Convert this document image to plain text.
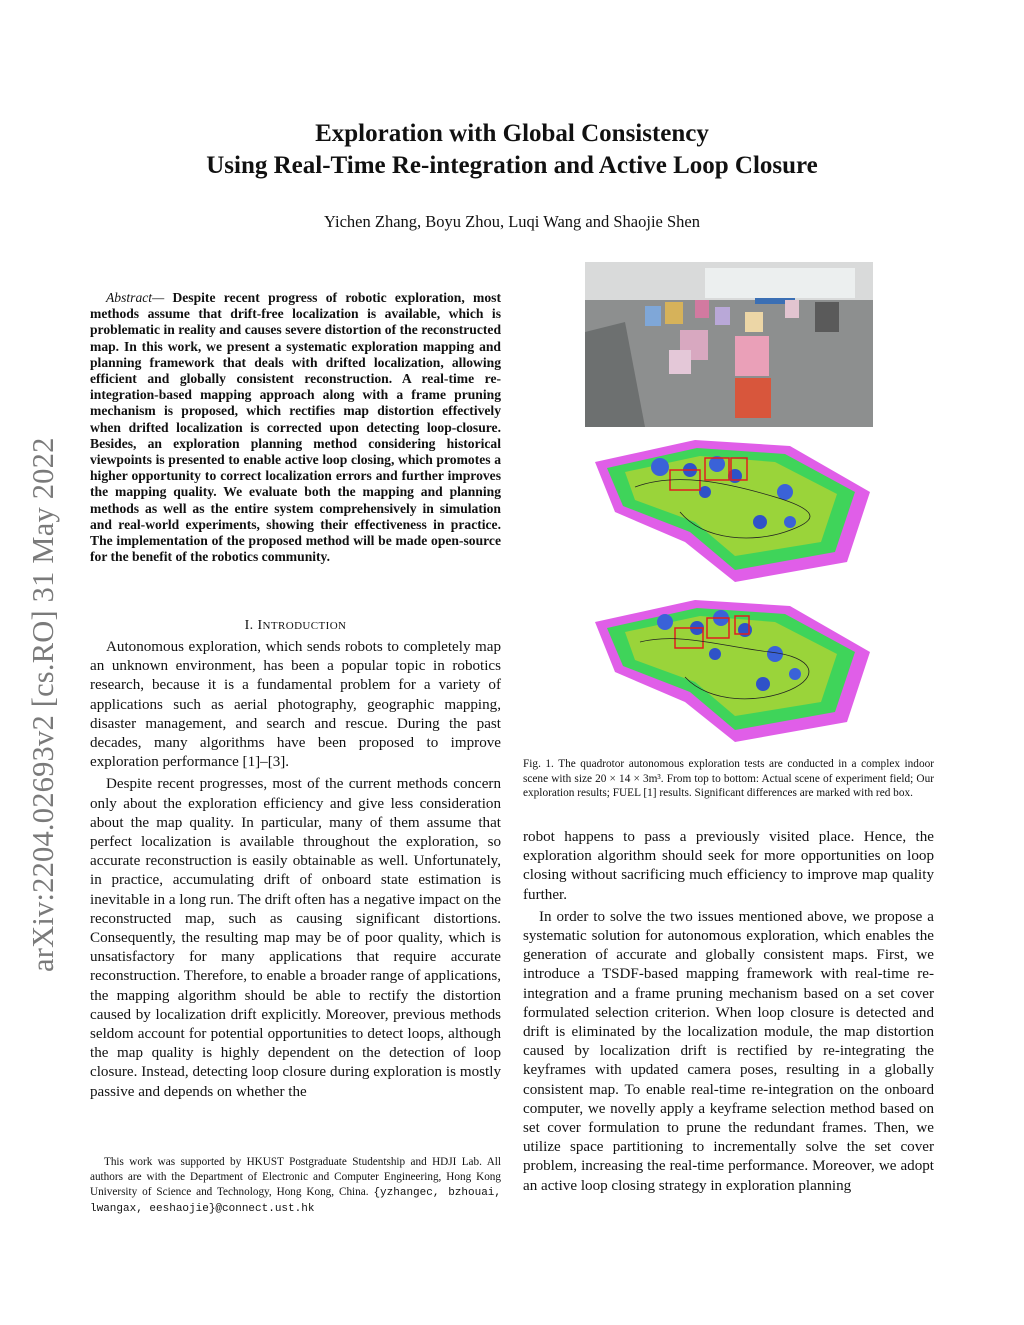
arXiv:2204.02693v2 [cs.RO] 31 May 2022
Exploration with Global Consistency
Using Real-Time Re-integration and Active Loop Closure
Yichen Zhang, Boyu Zhou, Luqi Wang and Shaojie Shen
Abstract— Despite recent progress of robotic exploration, most methods assume that drift-free localization is available, which is problematic in reality and causes severe distortion of the reconstructed map. In this work, we present a systematic exploration mapping and planning framework that deals with drifted localization, allowing efficient and globally consistent reconstruction. A real-time re-integration-based mapping approach along with a frame pruning mechanism is proposed, which rectifies map distortion effectively when drifted localization is corrected upon detecting loop-closure. Besides, an exploration planning method considering historical viewpoints is presented to enable active loop closing, which promotes a higher opportunity to correct localization errors and further improves the mapping quality. We evaluate both the mapping and planning methods as well as the entire system comprehensively in simulation and real-world experiments, showing their effectiveness in practice. The implementation of the proposed method will be made open-source for the benefit of the robotics community.
I. INTRODUCTION

Autonomous exploration, which sends robots to completely map an unknown environment, has been a popular topic in robotics research, because it is a fundamental problem for a variety of applications such as aerial photography, geographic mapping, disaster management, and search and rescue. During the past decades, many algorithms have been proposed to improve exploration performance [1]–[3].

Despite recent progresses, most of the current methods concern only about the exploration efficiency and give less consideration about the map quality. In particular, many of them assume that perfect localization is available throughout the exploration, so accurate reconstruction is easily obtainable as well. Unfortunately, in practice, accumulating drift of onboard state estimation is inevitable in a long run. The drift often has a negative impact on the reconstructed map, such as causing significant distortions. Consequently, the resulting map may be of poor quality, which is unsatisfactory for many applications that require accurate reconstruction. Therefore, to enable a broader range of applications, the mapping algorithm should be able to rectify the distortion caused by localization drift explicitly. Moreover, previous methods seldom account for potential opportunities to detect loops, although the map quality is highly dependent on the detection of loop closure. Instead, detecting loop closure during exploration is mostly passive and depends on whether the

This work was supported by HKUST Postgraduate Studentship and HDJI Lab. All authors are with the Department of Electronic and Computer Engineering, Hong Kong University of Science and Technology, Hong Kong, China. {yzhangec, bzhouai, lwangax, eeshaojie}@connect.ust.hk
Fig. 1. The quadrotor autonomous exploration tests are conducted in a complex indoor scene with size 20 × 14 × 3m³. From top to bottom: Actual scene of experiment field; Our exploration results; FUEL [1] results. Significant differences are marked with red box.

robot happens to pass a previously visited place. Hence, the exploration algorithm should seek for more opportunities on loop closing without sacrificing much efficiency to improve map quality further.

In order to solve the two issues mentioned above, we propose a systematic solution for autonomous exploration, which enables the generation of accurate and globally consistent maps. First, we introduce a TSDF-based mapping framework with real-time re-integration and a frame pruning mechanism based on a set cover formulated selection criterion. When loop closure is detected and drift is eliminated by the localization module, the map distortion caused by localization drift is rectified by re-integrating the keyframes with updated camera poses, resulting in a globally consistent map. To enable real-time re-integration on the onboard computer, we novelly apply a keyframe selection method based on set cover formulation to prune the redundant frames. Then, we utilize space partitioning to incrementally solve the set cover problem, increasing the real-time performance. Moreover, we adopt an active loop closing strategy in exploration planning
